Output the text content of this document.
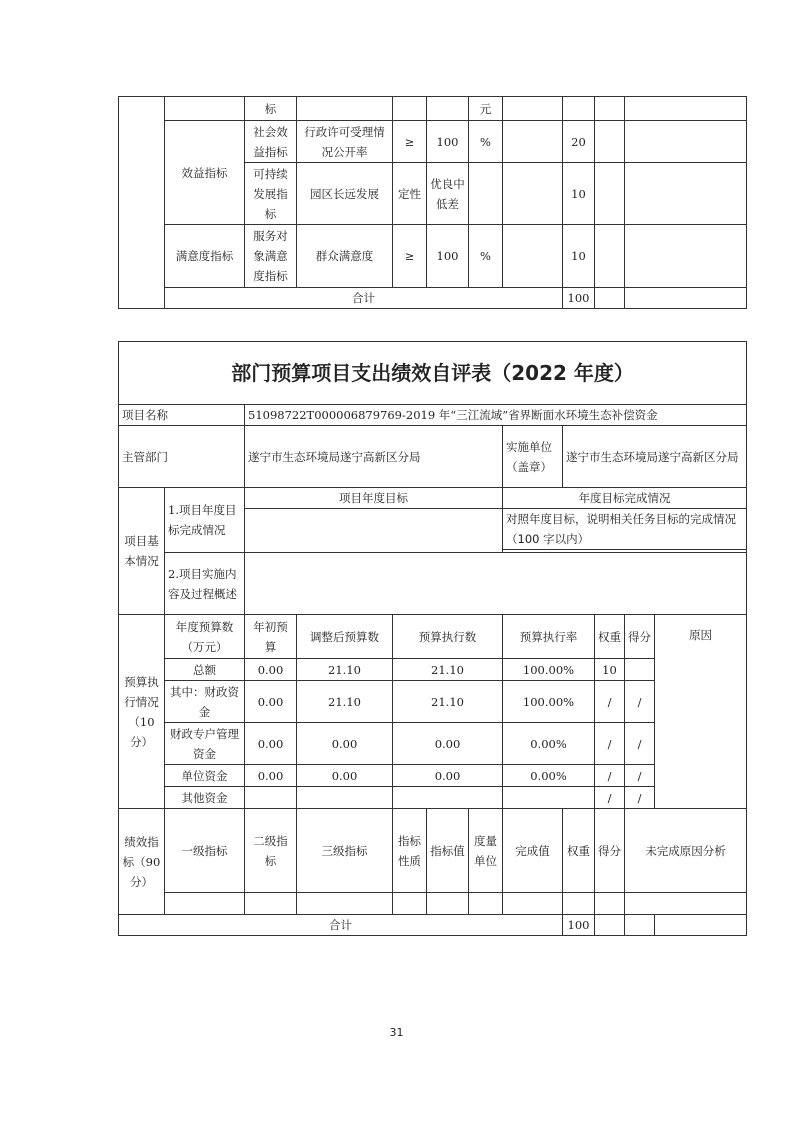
		标				元				
	效益指标	社会效益指标	行政许可受理情况公开率	≥	100	%		20		
		可持续发展指标	园区长远发展	定性	优良中低差			10		
	满意度指标	服务对象满意度指标	群众满意度	≥	100	%		10		
	合计							100		
部门预算项目支出绩效自评表（2022 年度）											
项目名称		51098722T000006879769-2019 年“三江流域”省界断面水环境生态补偿资金									
主管部门		遂宁市生态环境局遂宁高新区分局					实施单位（盖章）	遂宁市生态环境局遂宁高新区分局			
项目基本情况	1.项目年度目标完成情况	项目年度目标					年度目标完成情况				
							对照年度目标，说明相关任务目标的完成情况（100 字以内）				

	2.项目实施内容及过程概述										
预算执行情况（10 分）	年度预算数（万元）	年初预算	调整后预算数	预算执行数			预算执行率		权重	得分	原因
	总额	0.00	21.10	21.10			100.00%		10		
	其中：财政资金	0.00	21.10	21.10			100.00%		/	/	
	财政专户管理资金	0.00	0.00	0.00			0.00%		/	/	
	单位资金	0.00	0.00	0.00			0.00%		/	/	
	其他资金								/	/	
绩效指标（90 分）	一级指标	二级指标	三级指标	指标性质	指标值	度量单位	完成值	权重	得分	未完成原因分析	

合计								100			
31
